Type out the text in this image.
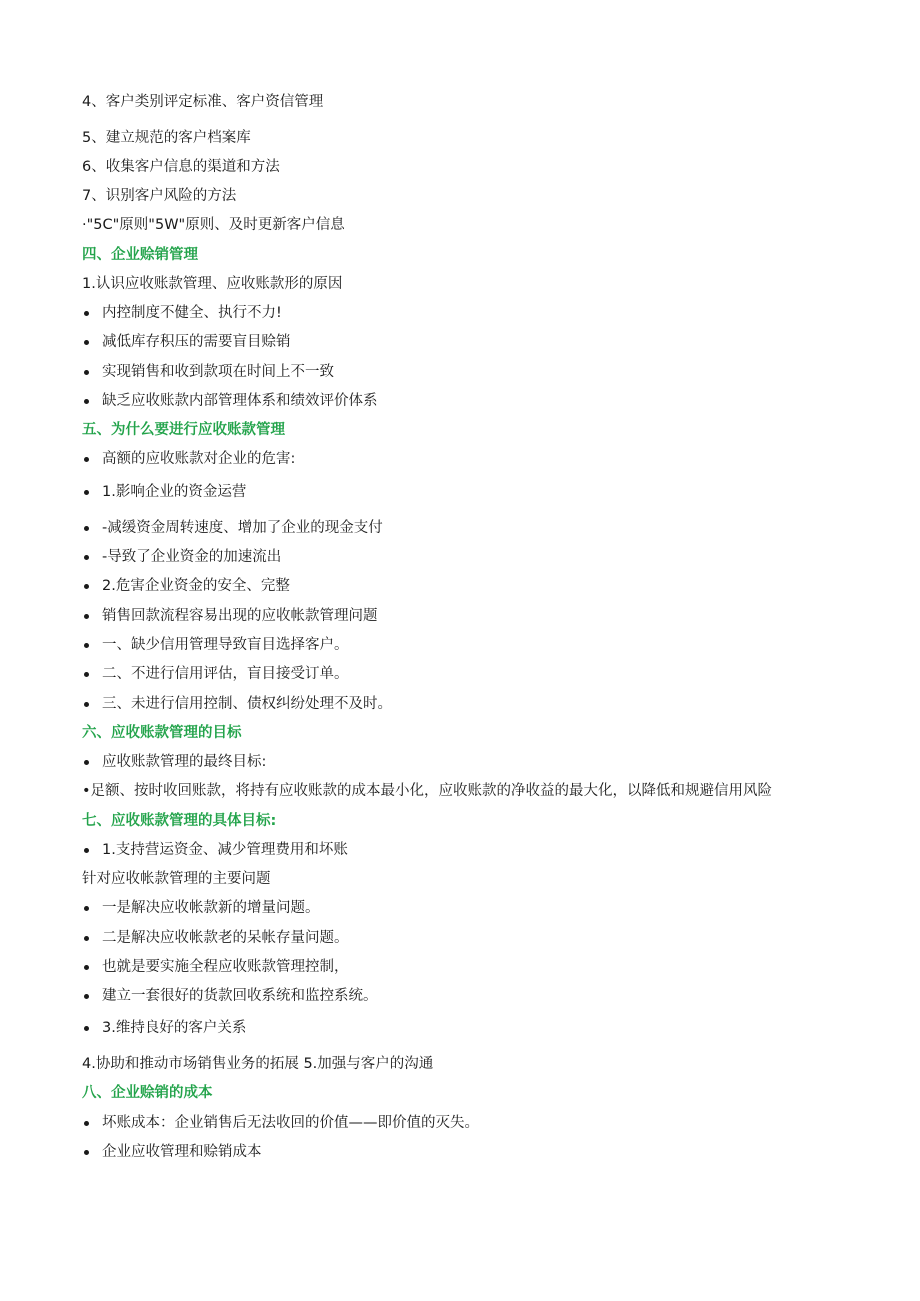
4、客户类别评定标准、客户资信管理
5、建立规范的客户档案库
6、收集客户信息的渠道和方法
7、识别客户风险的方法
·"5C"原则"5W"原则、及时更新客户信息
四、企业赊销管理
1.认识应收账款管理、应收账款形的原因
内控制度不健全、执行不力!
减低库存积压的需要盲目赊销
实现销售和收到款项在时间上不一致
缺乏应收账款内部管理体系和绩效评价体系
五、为什么要进行应收账款管理
高额的应收账款对企业的危害:
1.影响企业的资金运营
-减缓资金周转速度、增加了企业的现金支付
-导致了企业资金的加速流出
2.危害企业资金的安全、完整
销售回款流程容易出现的应收帐款管理问题
一、缺少信用管理导致盲目选择客户。
二、不进行信用评估，盲目接受订单。
三、未进行信用控制、债权纠纷处理不及时。
六、应收账款管理的目标
应收账款管理的最终目标:
•足额、按时收回账款，将持有应收账款的成本最小化，应收账款的净收益的最大化，以降低和规避信用风险
七、应收账款管理的具体目标:
1.支持营运资金、减少管理费用和坏账
针对应收帐款管理的主要问题
一是解决应收帐款新的增量问题。
二是解决应收帐款老的呆帐存量问题。
也就是要实施全程应收账款管理控制，
建立一套很好的货款回收系统和监控系统。
3.维持良好的客户关系
4.协助和推动市场销售业务的拓展 5.加强与客户的沟通
八、企业赊销的成本
坏账成本：企业销售后无法收回的价值——即价值的灭失。
企业应收管理和赊销成本
